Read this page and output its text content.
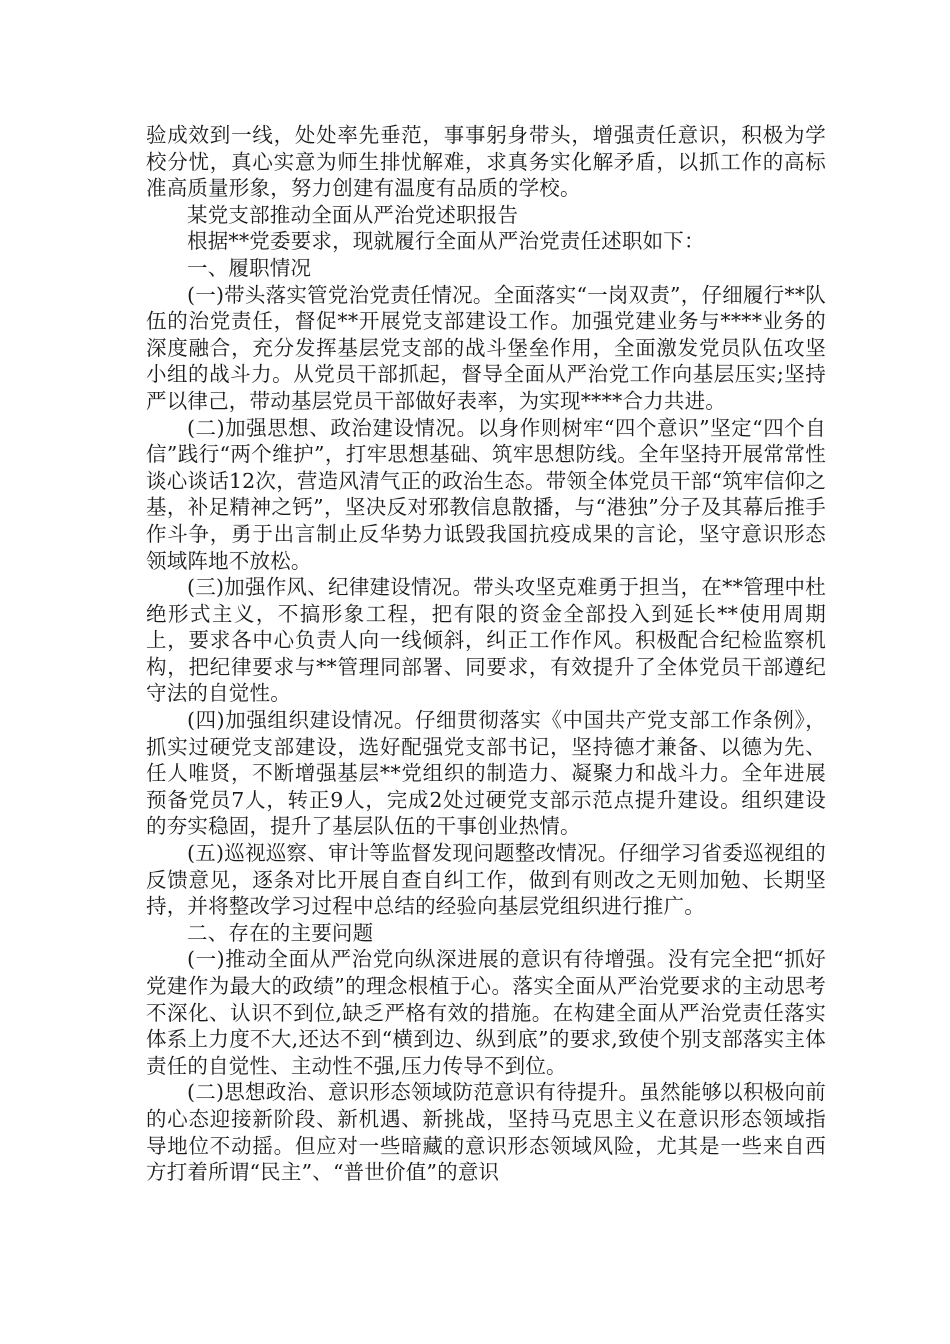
验成效到一线，处处率先垂范，事事躬身带头，增强责任意识，积极为学校分忧，真心实意为师生排忧解难，求真务实化解矛盾，以抓工作的高标准高质量形象，努力创建有温度有品质的学校。

某党支部推动全面从严治党述职报告

根据**党委要求，现就履行全面从严治党责任述职如下：

一、履职情况

(一)带头落实管党治党责任情况。全面落实“一岗双责”，仔细履行**队伍的治党责任，督促**开展党支部建设工作。加强党建业务与****业务的深度融合，充分发挥基层党支部的战斗堡垒作用，全面激发党员队伍攻坚小组的战斗力。从党员干部抓起，督导全面从严治党工作向基层压实;坚持严以律己，带动基层党员干部做好表率，为实现****合力共进。

(二)加强思想、政治建设情况。以身作则树牢“四个意识”坚定“四个自信”践行“两个维护”，打牢思想基础、筑牢思想防线。全年坚持开展常常性谈心谈话12次，营造风清气正的政治生态。带领全体党员干部“筑牢信仰之基，补足精神之钙”，坚决反对邪教信息散播，与“港独”分子及其幕后推手作斗争，勇于出言制止反华势力诋毁我国抗疫成果的言论，坚守意识形态领域阵地不放松。

(三)加强作风、纪律建设情况。带头攻坚克难勇于担当，在**管理中杜绝形式主义，不搞形象工程，把有限的资金全部投入到延长**使用周期上，要求各中心负责人向一线倾斜，纠正工作作风。积极配合纪检监察机构，把纪律要求与**管理同部署、同要求，有效提升了全体党员干部遵纪守法的自觉性。

(四)加强组织建设情况。仔细贯彻落实《中国共产党支部工作条例》，抓实过硬党支部建设，选好配强党支部书记，坚持德才兼备、以德为先、任人唯贤，不断增强基层**党组织的制造力、凝聚力和战斗力。全年进展预备党员7人，转正9人，完成2处过硬党支部示范点提升建设。组织建设的夯实稳固，提升了基层队伍的干事创业热情。

(五)巡视巡察、审计等监督发现问题整改情况。仔细学习省委巡视组的反馈意见，逐条对比开展自查自纠工作，做到有则改之无则加勉、长期坚持，并将整改学习过程中总结的经验向基层党组织进行推广。

二、存在的主要问题

(一)推动全面从严治党向纵深进展的意识有待增强。没有完全把“抓好党建作为最大的政绩”的理念根植于心。落实全面从严治党要求的主动思考不深化、认识不到位,缺乏严格有效的措施。在构建全面从严治党责任落实体系上力度不大,还达不到“横到边、纵到底”的要求,致使个别支部落实主体责任的自觉性、主动性不强,压力传导不到位。

(二)思想政治、意识形态领域防范意识有待提升。虽然能够以积极向前的心态迎接新阶段、新机遇、新挑战，坚持马克思主义在意识形态领域指导地位不动摇。但应对一些暗藏的意识形态领域风险，尤其是一些来自西方打着所谓“民主”、“普世价值”的意识
